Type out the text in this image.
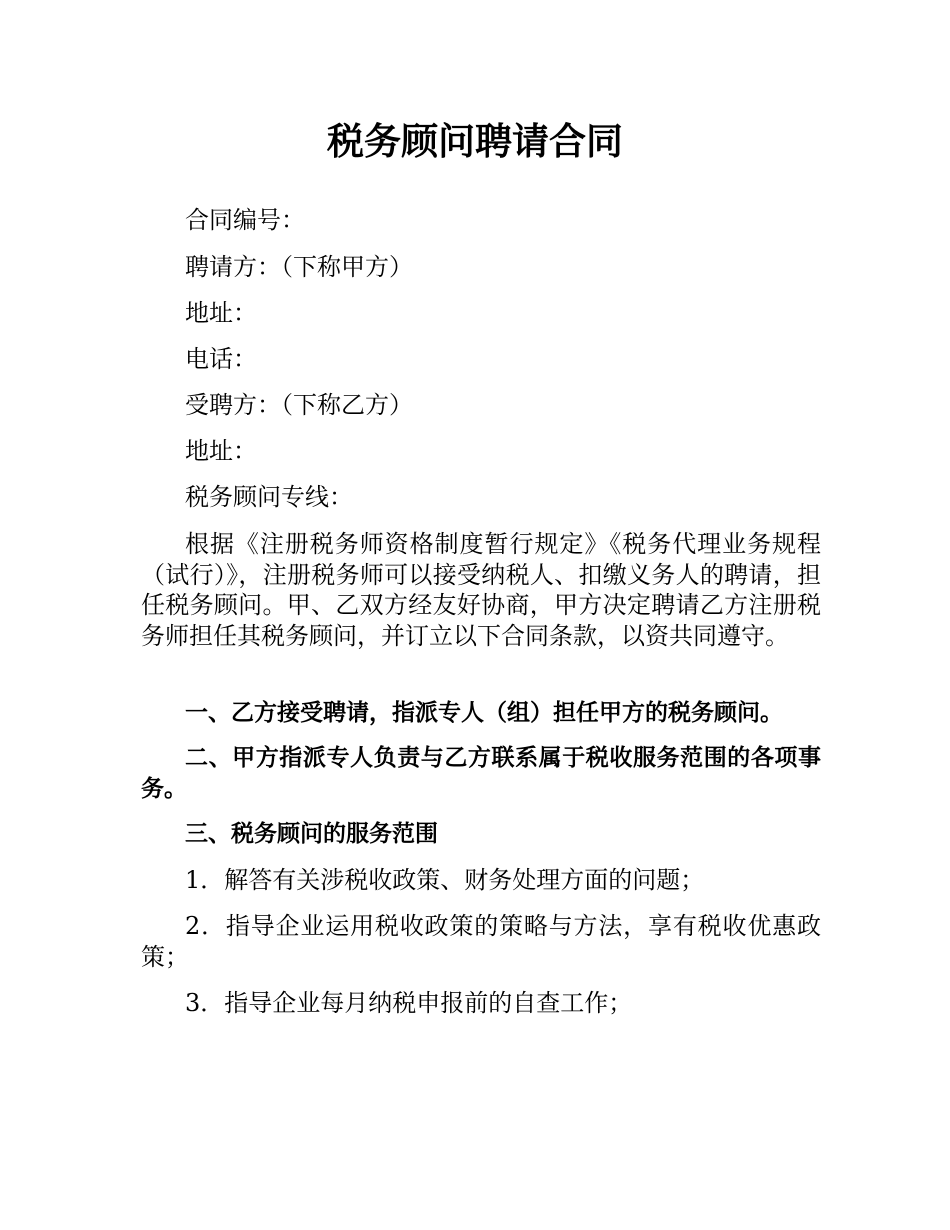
税务顾问聘请合同

合同编号：

聘请方：（下称甲方）

地址：

电话：

受聘方：（下称乙方）

地址：

税务顾问专线：

根据《注册税务师资格制度暂行规定》《税务代理业务规程（试行）》，注册税务师可以接受纳税人、扣缴义务人的聘请，担任税务顾问。甲、乙双方经友好协商，甲方决定聘请乙方注册税务师担任其税务顾问，并订立以下合同条款，以资共同遵守。

一、乙方接受聘请，指派专人（组）担任甲方的税务顾问。

二、甲方指派专人负责与乙方联系属于税收服务范围的各项事务。

三、税务顾问的服务范围

1．解答有关涉税收政策、财务处理方面的问题；

2．指导企业运用税收政策的策略与方法，享有税收优惠政策；

3．指导企业每月纳税申报前的自查工作；
